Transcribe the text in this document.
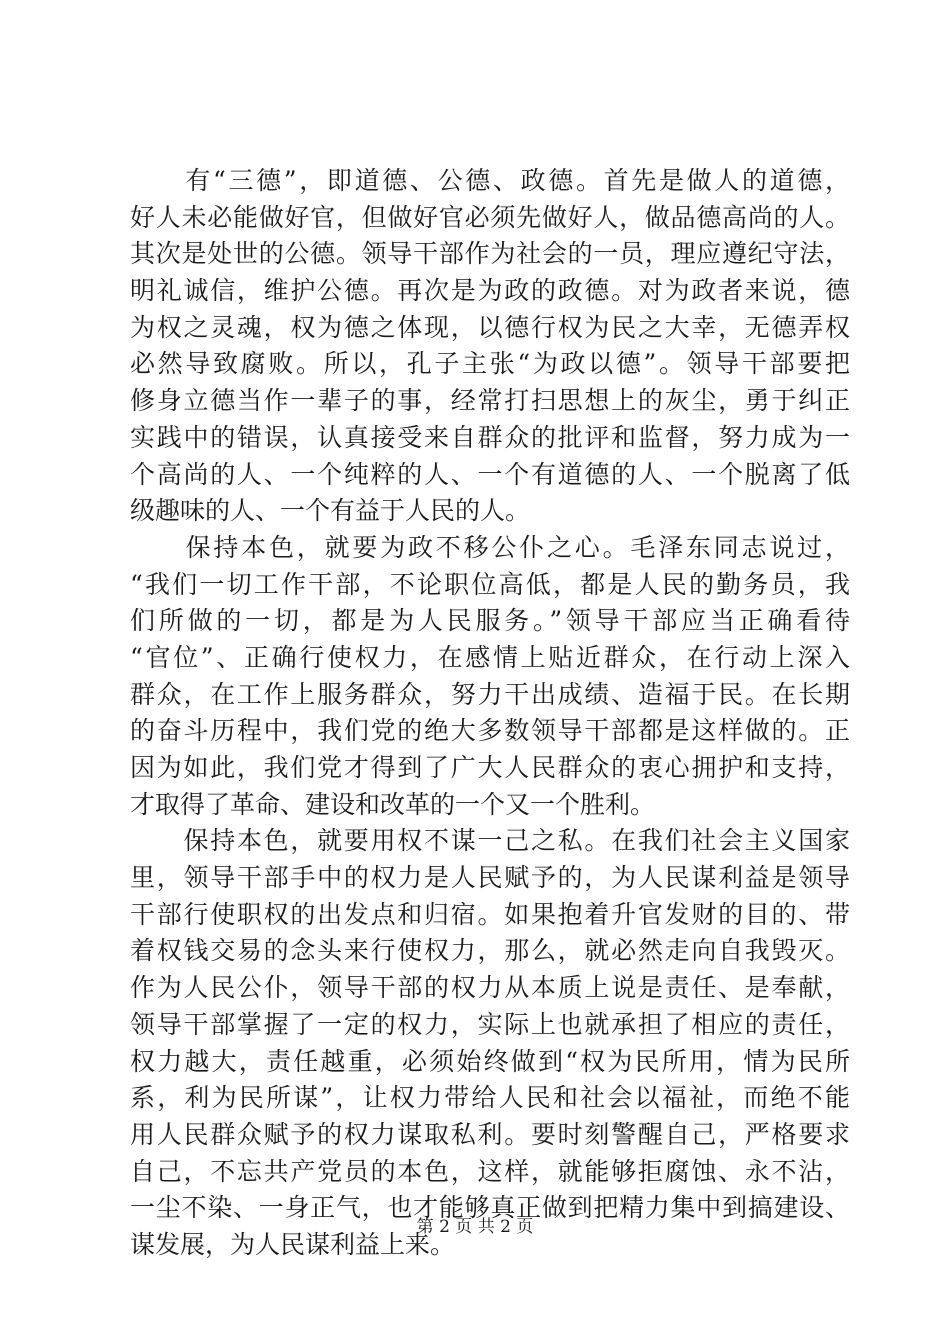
　　有“三德”，即道德、公德、政德。首先是做人的道德，
好人未必能做好官，但做好官必须先做好人，做品德高尚的人。
其次是处世的公德。领导干部作为社会的一员，理应遵纪守法，
明礼诚信，维护公德。再次是为政的政德。对为政者来说，德
为权之灵魂，权为德之体现，以德行权为民之大幸，无德弄权
必然导致腐败。所以，孔子主张“为政以德”。领导干部要把
修身立德当作一辈子的事，经常打扫思想上的灰尘，勇于纠正
实践中的错误，认真接受来自群众的批评和监督，努力成为一
个高尚的人、一个纯粹的人、一个有道德的人、一个脱离了低
级趣味的人、一个有益于人民的人。
　　保持本色，就要为政不移公仆之心。毛泽东同志说过，
“我们一切工作干部，不论职位高低，都是人民的勤务员，我
们所做的一切，都是为人民服务。”领导干部应当正确看待
“官位”、正确行使权力，在感情上贴近群众，在行动上深入
群众，在工作上服务群众，努力干出成绩、造福于民。在长期
的奋斗历程中，我们党的绝大多数领导干部都是这样做的。正
因为如此，我们党才得到了广大人民群众的衷心拥护和支持，
才取得了革命、建设和改革的一个又一个胜利。
　　保持本色，就要用权不谋一己之私。在我们社会主义国家
里，领导干部手中的权力是人民赋予的，为人民谋利益是领导
干部行使职权的出发点和归宿。如果抱着升官发财的目的、带
着权钱交易的念头来行使权力，那么，就必然走向自我毁灭。
作为人民公仆，领导干部的权力从本质上说是责任、是奉献，
领导干部掌握了一定的权力，实际上也就承担了相应的责任，
权力越大，责任越重，必须始终做到“权为民所用，情为民所
系，利为民所谋”，让权力带给人民和社会以福祉，而绝不能
用人民群众赋予的权力谋取私利。要时刻警醒自己，严格要求
自己，不忘共产党员的本色，这样，就能够拒腐蚀、永不沾，
一尘不染、一身正气，也才能够真正做到把精力集中到搞建设、
谋发展，为人民谋利益上来。
第 2 页 共 2 页
